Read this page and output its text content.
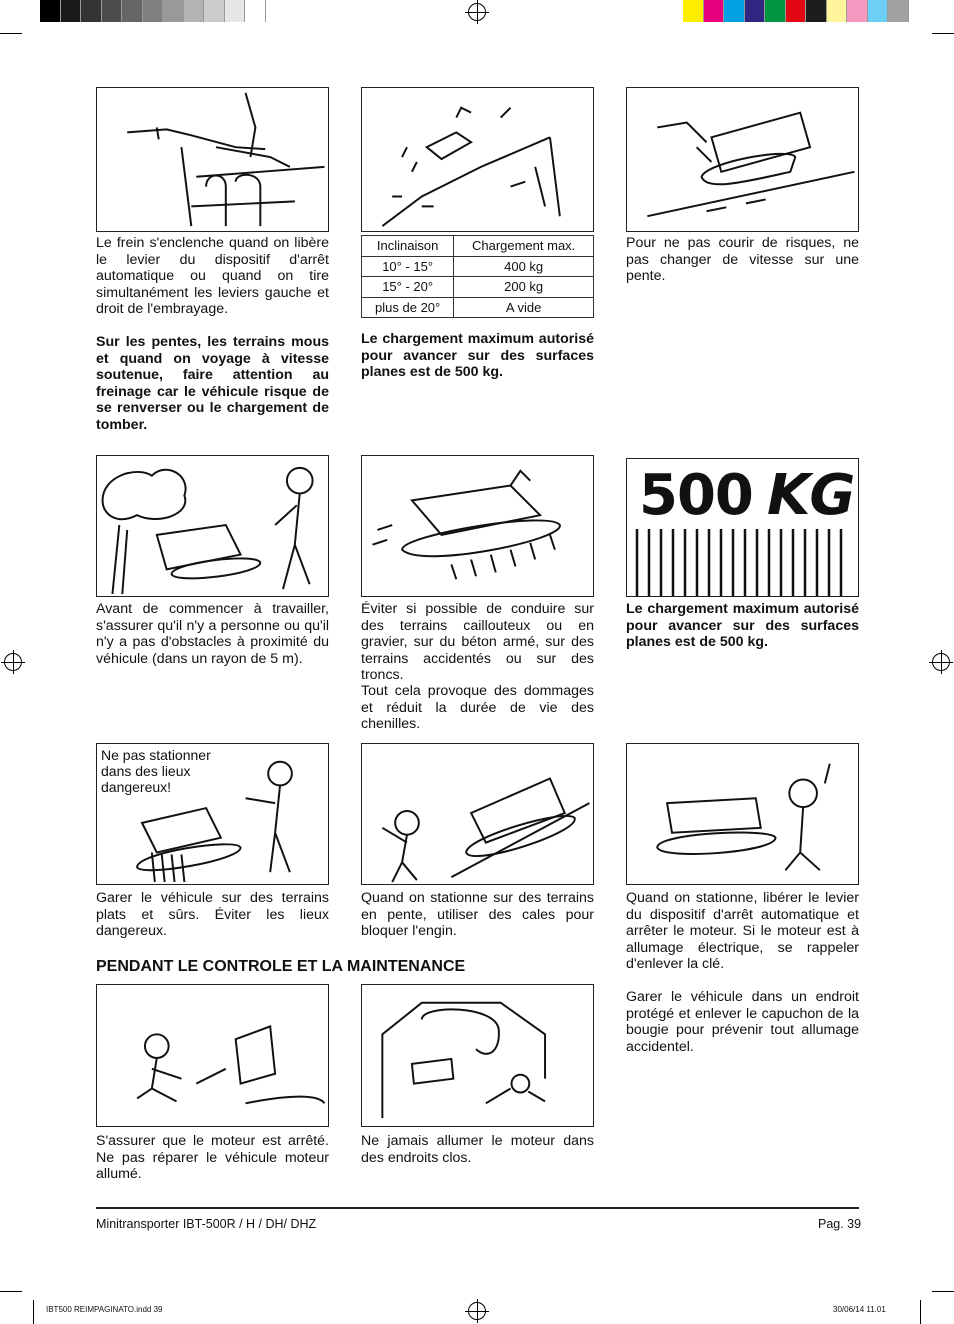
Le frein s'enclenche quand on libère le levier du dispositif d'arrêt automatique ou quand on tire simultanément les leviers gauche et droit de l'embrayage.
Sur les pentes, les terrains mous et quand on voyage à vitesse soutenue, faire attention au freinage car le véhicule risque de se renverser ou le chargement de tomber.
Inclinaison	Chargement max.
10° - 15°	400 kg
15° - 20°	200 kg
plus de 20°	A vide
Le chargement maximum autorisé pour avancer sur des surfaces planes est de 500 kg.
Pour ne pas courir de risques, ne pas changer de vitesse sur une pente.
Avant de commencer à travailler, s'assurer qu'il n'y a personne ou qu'il n'y a pas d'obstacles à proximité du véhicule (dans un rayon de 5 m).
Éviter si possible de conduire sur des terrains caillouteux ou en gravier, sur du béton armé, sur des terrains accidentés ou sur des troncs.
Tout cela provoque des dommages et réduit la durée de vie des chenilles.
500 KG
Le chargement maximum autorisé pour avancer sur des surfaces planes est de 500 kg.
Ne pas stationner dans des lieux dangereux!
Garer le véhicule sur des terrains plats et sûrs. Éviter les lieux dangereux.
Quand on stationne sur des terrains en pente, utiliser des cales pour bloquer l'engin.
Quand on stationne, libérer le levier du dispositif d'arrêt automatique et arrêter le moteur. Si le moteur est à allumage électrique, se rappeler d'enlever la clé.
Garer le véhicule dans un endroit protégé et enlever le capuchon de la bougie pour prévenir tout allumage accidentel.
PENDANT LE CONTROLE ET LA MAINTENANCE
S'assurer que le moteur est arrêté. Ne pas réparer le véhicule moteur allumé.
Ne jamais allumer le moteur dans des endroits clos.
Minitransporter IBT-500R / H / DH/ DHZ	Pag. 39
IBT500 REIMPAGINATO.indd 39	30/06/14 11.01
